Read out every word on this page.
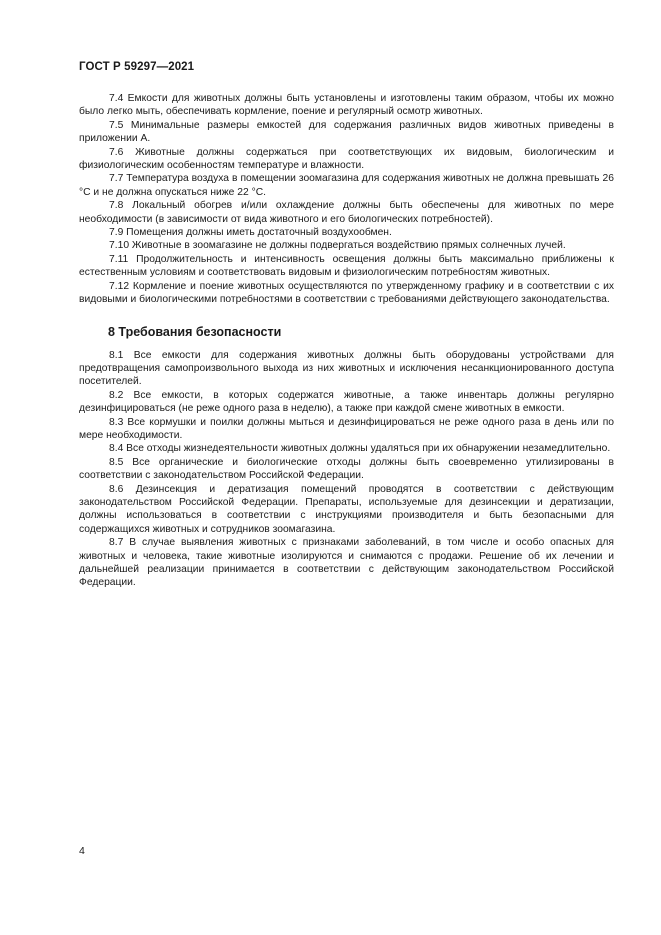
ГОСТ Р 59297—2021

7.4 Емкости для животных должны быть установлены и изготовлены таким образом, чтобы их можно было легко мыть, обеспечивать кормление, поение и регулярный осмотр животных.

7.5 Минимальные размеры емкостей для содержания различных видов животных приведены в приложении А.

7.6 Животные должны содержаться при соответствующих их видовым, биологическим и физиологическим особенностям температуре и влажности.

7.7 Температура воздуха в помещении зоомагазина для содержания животных не должна превышать 26 °С и не должна опускаться ниже 22 °С.

7.8 Локальный обогрев и/или охлаждение должны быть обеспечены для животных по мере необходимости (в зависимости от вида животного и его биологических потребностей).

7.9 Помещения должны иметь достаточный воздухообмен.

7.10 Животные в зоомагазине не должны подвергаться воздействию прямых солнечных лучей.

7.11 Продолжительность и интенсивность освещения должны быть максимально приближены к естественным условиям и соответствовать видовым и физиологическим потребностям животных.

7.12 Кормление и поение животных осуществляются по утвержденному графику и в соответствии с их видовыми и биологическими потребностями в соответствии с требованиями действующего законодательства.

8 Требования безопасности

8.1 Все емкости для содержания животных должны быть оборудованы устройствами для предотвращения самопроизвольного выхода из них животных и исключения несанкционированного доступа посетителей.

8.2 Все емкости, в которых содержатся животные, а также инвентарь должны регулярно дезинфицироваться (не реже одного раза в неделю), а также при каждой смене животных в емкости.

8.3 Все кормушки и поилки должны мыться и дезинфицироваться не реже одного раза в день или по мере необходимости.

8.4 Все отходы жизнедеятельности животных должны удаляться при их обнаружении незамедлительно.

8.5 Все органические и биологические отходы должны быть своевременно утилизированы в соответствии с законодательством Российской Федерации.

8.6 Дезинсекция и дератизация помещений проводятся в соответствии с действующим законодательством Российской Федерации. Препараты, используемые для дезинсекции и дератизации, должны использоваться в соответствии с инструкциями производителя и быть безопасными для содержащихся животных и сотрудников зоомагазина.

8.7 В случае выявления животных с признаками заболеваний, в том числе и особо опасных для животных и человека, такие животные изолируются и снимаются с продажи. Решение об их лечении и дальнейшей реализации принимается в соответствии с действующим законодательством Российской Федерации.

4
